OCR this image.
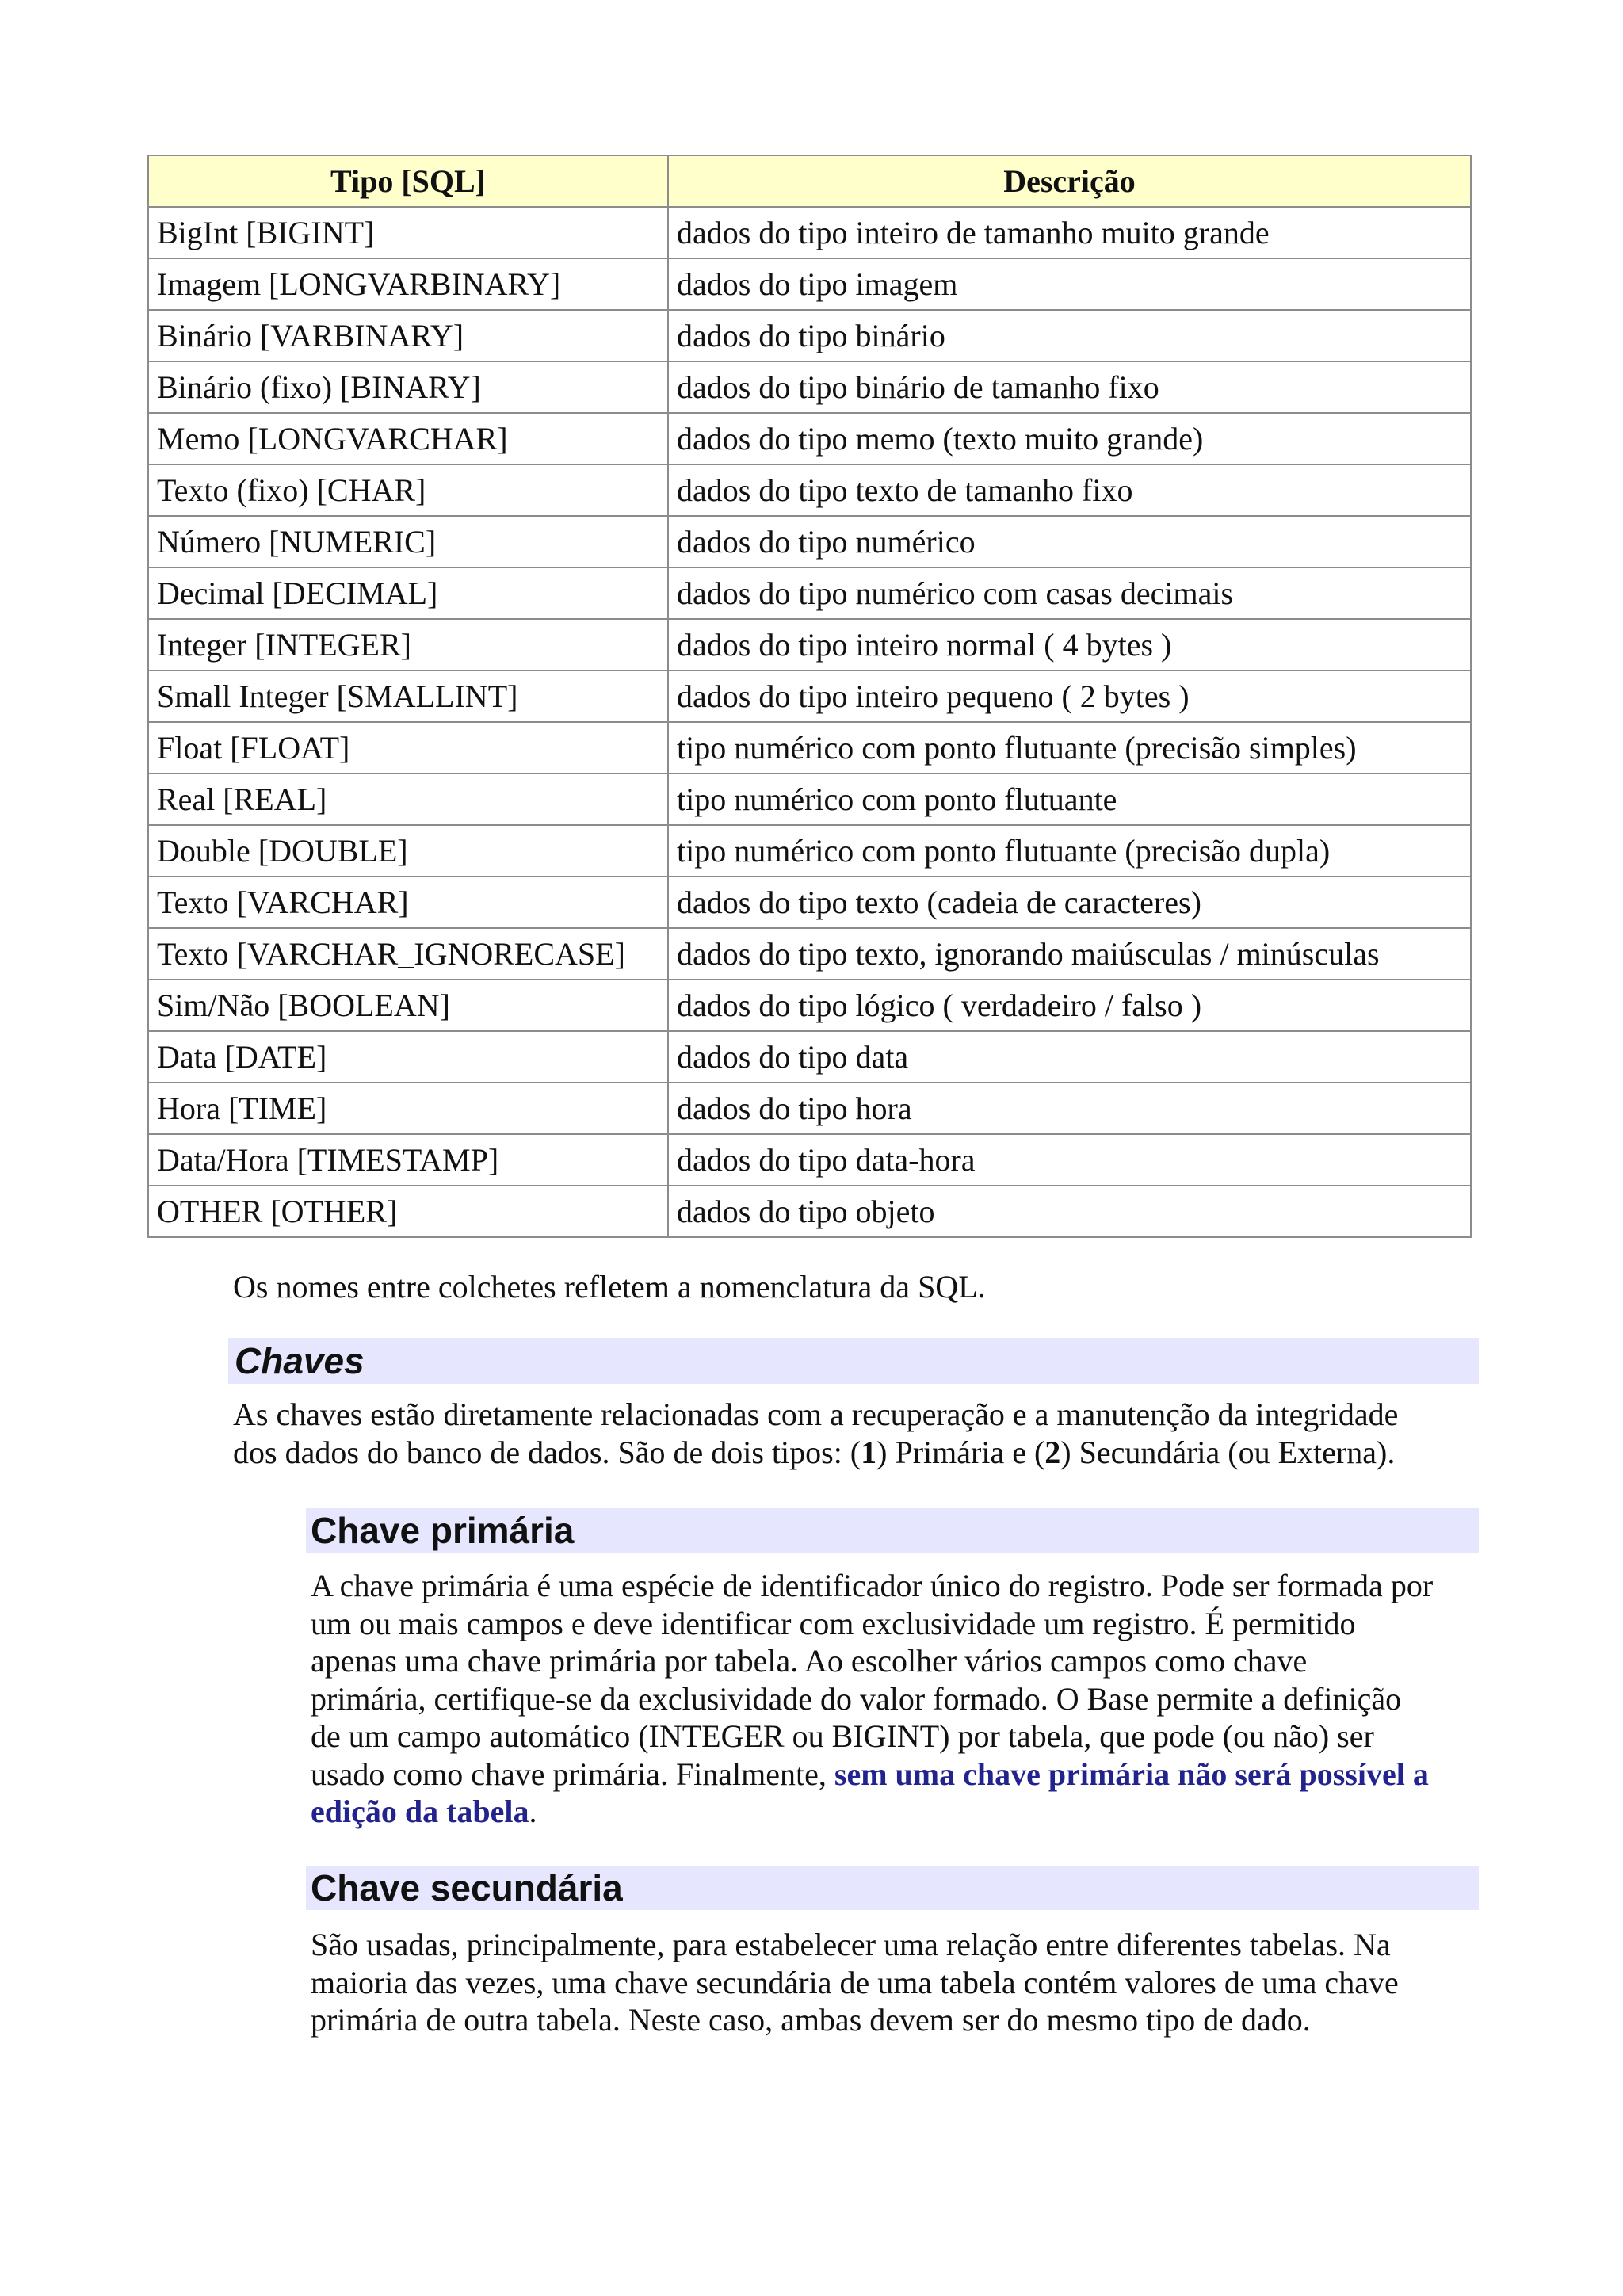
Tipo [SQL]	Descrição
BigInt [BIGINT]	dados do tipo inteiro de tamanho muito grande
Imagem [LONGVARBINARY]	dados do tipo imagem
Binário [VARBINARY]	dados do tipo binário
Binário (fixo) [BINARY]	dados do tipo binário de tamanho fixo
Memo [LONGVARCHAR]	dados do tipo memo (texto muito grande)
Texto (fixo) [CHAR]	dados do tipo texto de tamanho fixo
Número [NUMERIC]	dados do tipo numérico
Decimal [DECIMAL]	dados do tipo numérico com casas decimais
Integer [INTEGER]	dados do tipo inteiro normal ( 4 bytes )
Small Integer [SMALLINT]	dados do tipo inteiro pequeno ( 2 bytes )
Float [FLOAT]	tipo numérico com ponto flutuante (precisão simples)
Real [REAL]	tipo numérico com ponto flutuante
Double [DOUBLE]	tipo numérico com ponto flutuante (precisão dupla)
Texto [VARCHAR]	dados do tipo texto (cadeia de caracteres)
Texto [VARCHAR_IGNORECASE]	dados do tipo texto, ignorando maiúsculas / minúsculas
Sim/Não [BOOLEAN]	dados do tipo lógico ( verdadeiro / falso )
Data [DATE]	dados do tipo data
Hora [TIME]	dados do tipo hora
Data/Hora [TIMESTAMP]	dados do tipo data-hora
OTHER [OTHER]	dados do tipo objeto
Os nomes entre colchetes refletem a nomenclatura da SQL.
Chaves

As chaves estão diretamente relacionadas com a recuperação e a manutenção da integridade
dos dados do banco de dados. São de dois tipos: (1) Primária e (2) Secundária (ou Externa).

Chave primária

A chave primária é uma espécie de identificador único do registro. Pode ser formada por
um ou mais campos e deve identificar com exclusividade um registro. É permitido
apenas uma chave primária por tabela. Ao escolher vários campos como chave
primária, certifique-se da exclusividade do valor formado. O Base permite a definição
de um campo automático (INTEGER ou BIGINT) por tabela, que pode (ou não) ser
usado como chave primária. Finalmente, sem uma chave primária não será possível a
edição da tabela.

Chave secundária

São usadas, principalmente, para estabelecer uma relação entre diferentes tabelas. Na
maioria das vezes, uma chave secundária de uma tabela contém valores de uma chave
primária de outra tabela. Neste caso, ambas devem ser do mesmo tipo de dado.
